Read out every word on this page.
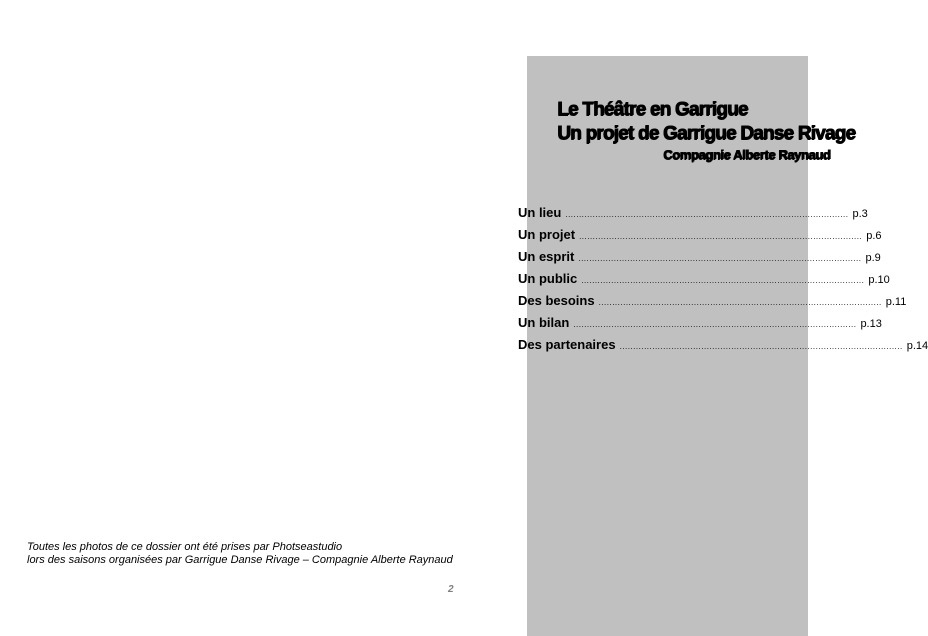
Le Théâtre en Garrigue
Un projet de Garrigue Danse Rivage
Compagnie Alberte Raynaud
Un lieu ........................................................................................................ p.3
Un projet ........................................................................................................ p.6
Un esprit ........................................................................................................ p.9
Un public ........................................................................................................ p.10
Des besoins ........................................................................................................ p.11
Un bilan ........................................................................................................ p.13
Des partenaires ........................................................................................................ p.14
Toutes les photos de ce dossier ont été prises par Photseastudio
lors des saisons organisées par Garrigue Danse Rivage – Compagnie Alberte Raynaud
2
